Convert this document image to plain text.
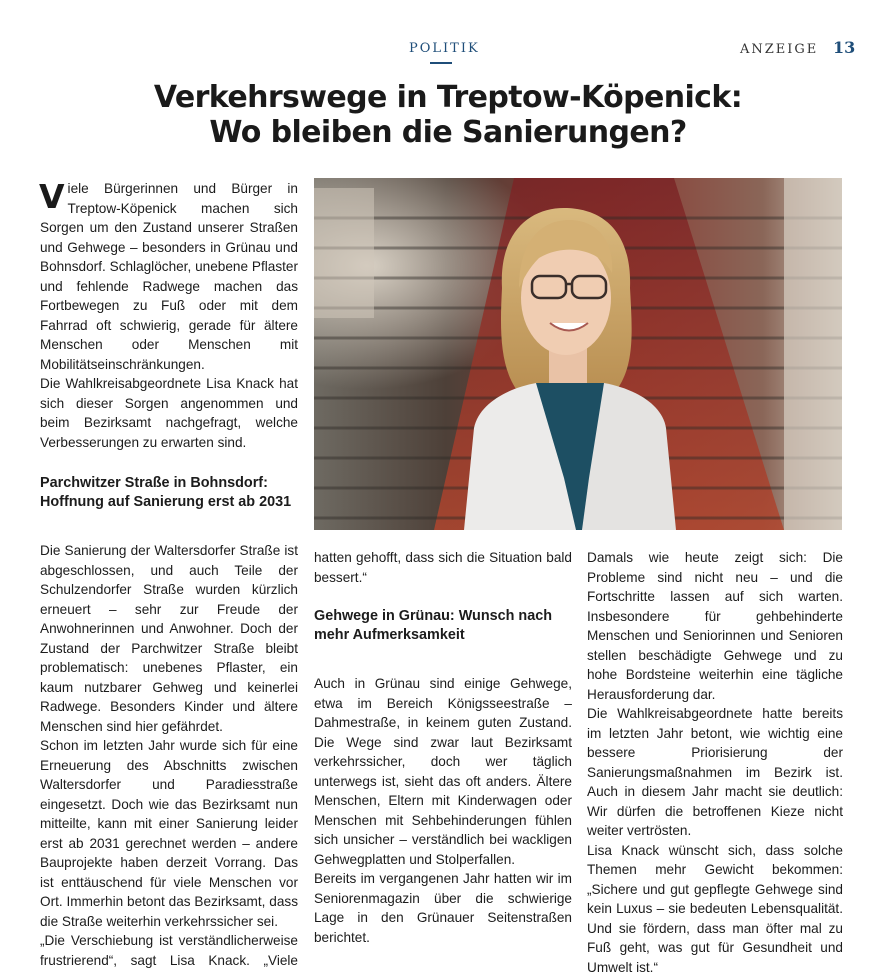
POLITIK	ANZEIGE 13
Verkehrswege in Treptow-Köpenick:
Wo bleiben die Sanierungen?

Viele Bürgerinnen und Bürger in Treptow-Köpenick machen sich Sorgen um den Zustand unserer Straßen und Gehwege – besonders in Grünau und Bohnsdorf. Schlaglöcher, unebene Pflaster und fehlende Radwege machen das Fortbewegen zu Fuß oder mit dem Fahrrad oft schwierig, gerade für ältere Menschen oder Menschen mit Mobilitätseinschränkungen.

Die Wahlkreisabgeordnete Lisa Knack hat sich dieser Sorgen angenommen und beim Bezirksamt nachgefragt, welche Verbesserungen zu erwarten sind.

Parchwitzer Straße in Bohnsdorf:
Hoffnung auf Sanierung erst ab 2031

Die Sanierung der Waltersdorfer Straße ist abgeschlossen, und auch Teile der Schulzendorfer Straße wurden kürzlich erneuert – sehr zur Freude der Anwohnerinnen und Anwohner. Doch der Zustand der Parchwitzer Straße bleibt problematisch: unebenes Pflaster, ein kaum nutzbarer Gehweg und keinerlei Radwege. Besonders Kinder und ältere Menschen sind hier gefährdet.

Schon im letzten Jahr wurde sich für eine Erneuerung des Abschnitts zwischen Waltersdorfer und Paradiesstraße eingesetzt. Doch wie das Bezirksamt nun mitteilte, kann mit einer Sanierung leider erst ab 2031 gerechnet werden – andere Bauprojekte haben derzeit Vorrang. Das ist enttäuschend für viele Menschen vor Ort. Immerhin betont das Bezirksamt, dass die Straße weiterhin verkehrssicher sei.

„Die Verschiebung ist verständlicherweise frustrierend“, sagt Lisa Knack. „Viele

hatten gehofft, dass sich die Situation bald bessert.“

Gehwege in Grünau: Wunsch nach
mehr Aufmerksamkeit

Auch in Grünau sind einige Gehwege, etwa im Bereich Königsseestraße – Dahmestraße, in keinem guten Zustand. Die Wege sind zwar laut Bezirksamt verkehrssicher, doch wer täglich unterwegs ist, sieht das oft anders. Ältere Menschen, Eltern mit Kinderwagen oder Menschen mit Sehbehinderungen fühlen sich unsicher – verständlich bei wackligen Gehwegplatten und Stolperfallen.

Bereits im vergangenen Jahr hatten wir im Seniorenmagazin über die schwierige Lage in den Grünauer Seitenstraßen berichtet.

Damals wie heute zeigt sich: Die Probleme sind nicht neu – und die Fortschritte lassen auf sich warten. Insbesondere für gehbehinderte Menschen und Seniorinnen und Senioren stellen beschädigte Gehwege und zu hohe Bordsteine weiterhin eine tägliche Herausforderung dar.

Die Wahlkreisabgeordnete hatte bereits im letzten Jahr betont, wie wichtig eine bessere Priorisierung der Sanierungsmaßnahmen im Bezirk ist. Auch in diesem Jahr macht sie deutlich: Wir dürfen die betroffenen Kieze nicht weiter vertrösten.

Lisa Knack wünscht sich, dass solche Themen mehr Gewicht bekommen: „Sichere und gut gepflegte Gehwege sind kein Luxus – sie bedeuten Lebensqualität. Und sie fördern, dass man öfter mal zu Fuß geht, was gut für Gesundheit und Umwelt ist.“
